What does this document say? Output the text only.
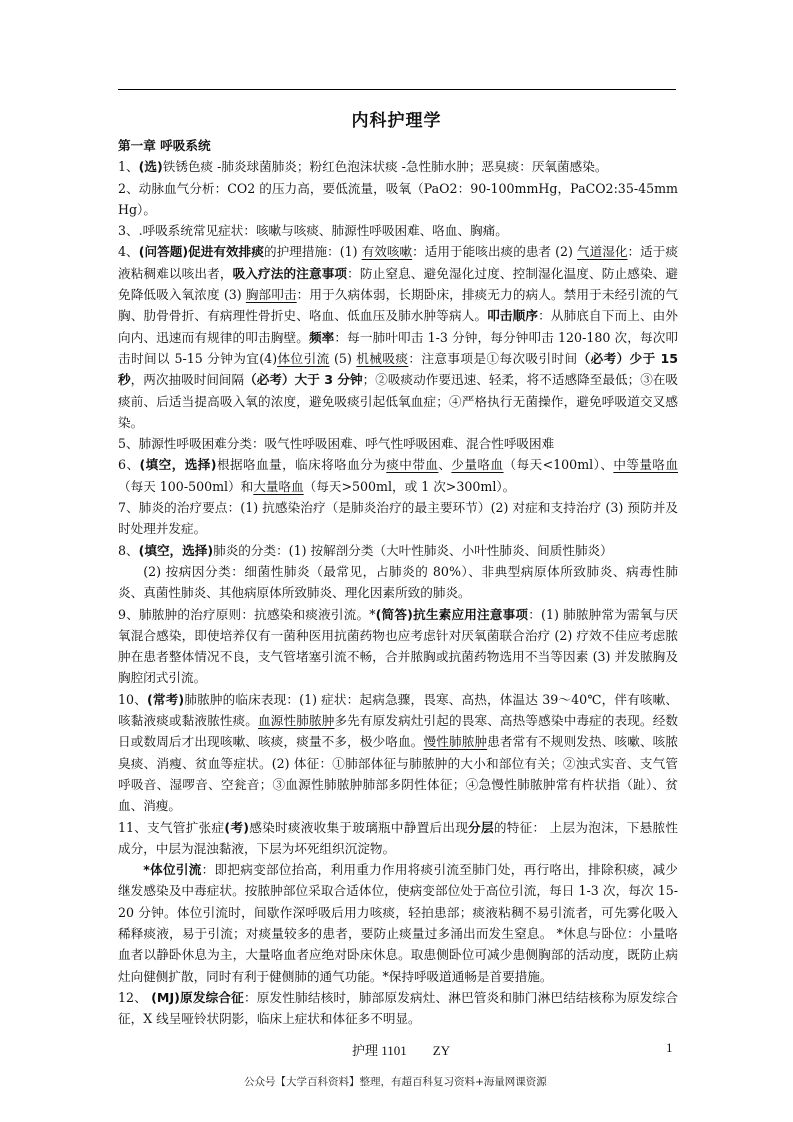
内科护理学
第一章 呼吸系统

1、(选)铁锈色痰 -肺炎球菌肺炎；粉红色泡沫状痰 -急性肺水肿；恶臭痰：厌氧菌感染。

2、动脉血气分析：CO2 的压力高，要低流量，吸氧（PaO2：90-100mmHg，PaCO2:35-45mmHg）。

3、.呼吸系统常见症状：咳嗽与咳痰、肺源性呼吸困难、咯血、胸痛。

4、(问答题)促进有效排痰的护理措施：(1) 有效咳嗽：适用于能咳出痰的患者 (2) 气道湿化：适于痰液粘稠难以咳出者，吸入疗法的注意事项：防止窒息、避免湿化过度、控制湿化温度、防止感染、避免降低吸入氧浓度 (3) 胸部叩击：用于久病体弱，长期卧床，排痰无力的病人。禁用于未经引流的气胸、肋骨骨折、有病理性骨折史、咯血、低血压及肺水肿等病人。叩击顺序：从肺底自下而上、由外向内、迅速而有规律的叩击胸壁。频率：每一肺叶叩击 1-3 分钟，每分钟叩击 120-180 次，每次叩击时间以 5-15 分钟为宜(4)体位引流 (5) 机械吸痰：注意事项是①每次吸引时间（必考）少于 15 秒，两次抽吸时间间隔（必考）大于 3 分钟；②吸痰动作要迅速、轻柔，将不适感降至最低；③在吸痰前、后适当提高吸入氧的浓度，避免吸痰引起低氧血症；④严格执行无菌操作，避免呼吸道交叉感染。

5、肺源性呼吸困难分类：吸气性呼吸困难、呼气性呼吸困难、混合性呼吸困难

6、(填空，选择)根据咯血量，临床将咯血分为痰中带血、少量咯血（每天<100ml）、中等量咯血（每天 100-500ml）和大量咯血（每天>500ml，或 1 次>300ml）。

7、肺炎的治疗要点：(1) 抗感染治疗（是肺炎治疗的最主要环节）(2) 对症和支持治疗 (3) 预防并及时处理并发症。

8、(填空，选择)肺炎的分类：(1) 按解剖分类（大叶性肺炎、小叶性肺炎、间质性肺炎）

(2) 按病因分类：细菌性肺炎（最常见，占肺炎的 80%）、非典型病原体所致肺炎、病毒性肺炎、真菌性肺炎、其他病原体所致肺炎、理化因素所致的肺炎。

9、肺脓肿的治疗原则：抗感染和痰液引流。*(简答)抗生素应用注意事项：(1) 肺脓肿常为需氧与厌氧混合感染，即使培养仅有一菌种医用抗菌药物也应考虑针对厌氧菌联合治疗 (2) 疗效不佳应考虑脓肿在患者整体情况不良，支气管堵塞引流不畅，合并脓胸或抗菌药物选用不当等因素 (3) 并发脓胸及胸腔闭式引流。

10、(常考)肺脓肿的临床表现：(1) 症状：起病急骤，畏寒、高热，体温达 39～40℃，伴有咳嗽、咳黏液痰或黏液脓性痰。血源性肺脓肿多先有原发病灶引起的畏寒、高热等感染中毒症的表现。经数日或数周后才出现咳嗽、咳痰，痰量不多，极少咯血。慢性肺脓肿患者常有不规则发热、咳嗽、咳脓臭痰、消瘦、贫血等症状。(2) 体征：①肺部体征与肺脓肿的大小和部位有关；②浊式实音、支气管呼吸音、湿啰音、空瓮音；③血源性肺脓肿肺部多阴性体征；④急慢性肺脓肿常有杵状指（趾）、贫血、消瘦。

11、支气管扩张症(考)感染时痰液收集于玻璃瓶中静置后出现分层的特征： 上层为泡沫，下悬脓性成分，中层为混浊黏液，下层为坏死组织沉淀物。

*体位引流：即把病变部位抬高，利用重力作用将痰引流至肺门处，再行咯出，排除积痰，减少继发感染及中毒症状。按脓肿部位采取合适体位，使病变部位处于高位引流，每日 1-3 次，每次 15-20 分钟。体位引流时，间歇作深呼吸后用力咳痰，轻拍患部；痰液粘稠不易引流者，可先雾化吸入稀释痰液，易于引流；对痰量较多的患者，要防止痰量过多涌出而发生窒息。 *休息与卧位：小量咯血者以静卧休息为主，大量咯血者应绝对卧床休息。取患侧卧位可减少患侧胸部的活动度，既防止病灶向健侧扩散，同时有利于健侧肺的通气功能。*保持呼吸道通畅是首要措施。

12、 (MJ)原发综合征：原发性肺结核时，肺部原发病灶、淋巴管炎和肺门淋巴结结核称为原发综合征，X 线呈哑铃状阴影，临床上症状和体征多不明显。

护理 1101　　ZY	1
公众号【大学百科资料】整理，有超百科复习资料+海量网课资源
